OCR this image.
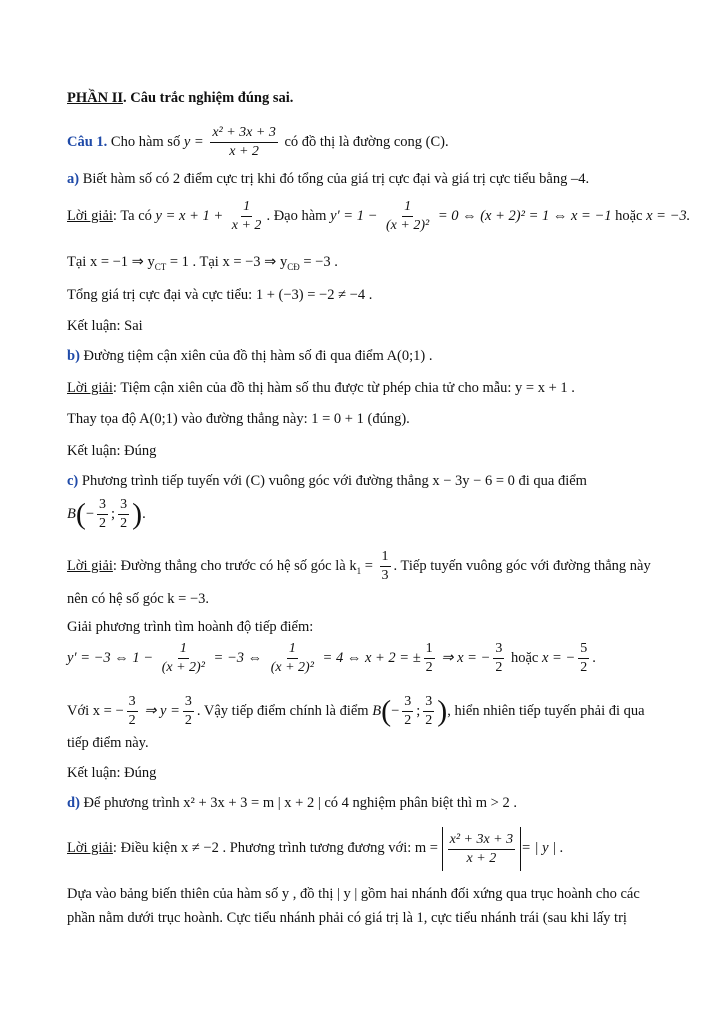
PHẦN II. Câu trắc nghiệm đúng sai.
Câu 1. Cho hàm số $y = \frac{\text{x² + 3x + 3}}{x + 2}$ có đồ thị là đường cong (C).
a) Biết hàm số có 2 điểm cực trị khi đó tổng của giá trị cực đại và giá trị cực tiểu bằng –4.
Lời giải: Ta có $y = x + 1 + \frac{1}{x + 2}$ . Đạo hàm $y' = 1 - \frac{1}{\text{(x + 2)²}} = 0$ ⇔ (x + 2)² = 1 ⇔ x = −1 hoặc x = −3.
Tại x = −1 ⇒ $y_{CT} = 1$ . Tại x = −3 ⇒ $y_{CĐ} = -3$ .
Tổng giá trị cực đại và cực tiểu: 1 + (−3) = −2 ≠ −4 .
Kết luận: Sai
b) Đường tiệm cận xiên của đồ thị hàm số đi qua điểm A(0;1) .
Lời giải: Tiệm cận xiên của đồ thị hàm số thu được từ phép chia tử cho mẫu: y = x + 1 .
Thay tọa độ A(0;1) vào đường thẳng này: 1 = 0 + 1 (đúng).
Kết luận: Đúng
c) Phương trình tiếp tuyến với (C) vuông góc với đường thẳng x − 3y − 6 = 0 đi qua điểm
$B(- \frac{3}{2}$ ; $\frac{3}{2}$ ).
Lời giải: Đường thẳng cho trước có hệ số góc là $k_1 = \frac{1}{3}$ . Tiếp tuyến vuông góc với đường thẳng này
nên có hệ số góc k = −3.
Giải phương trình tìm hoành độ tiếp điểm:
y′ = −3 ⇔ $1 - \frac{1}{\text{(x + 2)²}} = -3$ ⇔ $\frac{1}{\text{(x + 2)²}} = 4$ ⇔ x + 2 = ± $\frac{1}{2}$ ⇒ x = − $\frac{3}{2}$ hoặc x = − $\frac{5}{2}$ .
Với x = − $\frac{3}{2}$ ⇒ $y = \frac{3}{2}$ . Vậy tiếp điểm chính là điểm $B(- \frac{3}{2}$ ; $\frac{3}{2}$ ), hiển nhiên tiếp tuyến phải đi qua
tiếp điểm này.
Kết luận: Đúng
d) Để phương trình x² + 3x + 3 = m | x + 2 | có 4 nghiệm phân biệt thì m > 2 .
Lời giải: Điều kiện x ≠ −2 . Phương trình tương đương với: $m = \frac{\text{x² + 3x + 3}}{x + 2}$ = | y | .
Dựa vào bảng biến thiên của hàm số y , đồ thị | y | gồm hai nhánh đối xứng qua trục hoành cho các
phần nằm dưới trục hoành. Cực tiểu nhánh phải có giá trị là 1, cực tiểu nhánh trái (sau khi lấy trị
